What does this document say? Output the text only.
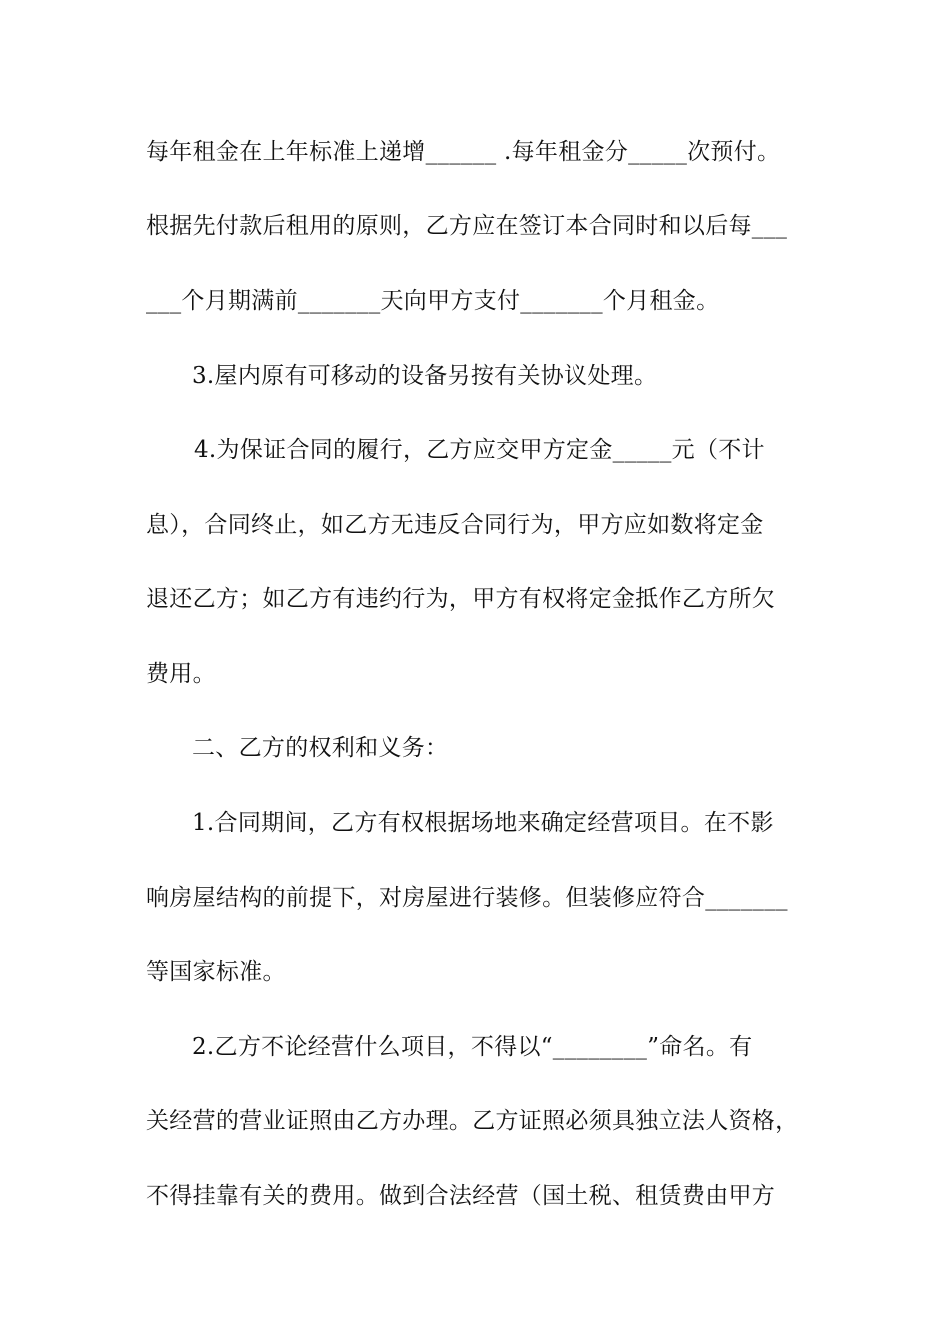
每年租金在上年标准上递增______ .每年租金分_____次预付。
根据先付款后租用的原则，乙方应在签订本合同时和以后每___
___个月期满前_______天向甲方支付_______个月租金。
3.屋内原有可移动的设备另按有关协议处理。
4.为保证合同的履行，乙方应交甲方定金_____元（不计
息），合同终止，如乙方无违反合同行为，甲方应如数将定金
退还乙方；如乙方有违约行为，甲方有权将定金抵作乙方所欠
费用。
二、乙方的权利和义务：
1.合同期间，乙方有权根据场地来确定经营项目。在不影
响房屋结构的前提下，对房屋进行装修。但装修应符合_______
等国家标准。
2.乙方不论经营什么项目，不得以“________”命名。有
关经营的营业证照由乙方办理。乙方证照必须具独立法人资格，
不得挂靠有关的费用。做到合法经营（国土税、租赁费由甲方
